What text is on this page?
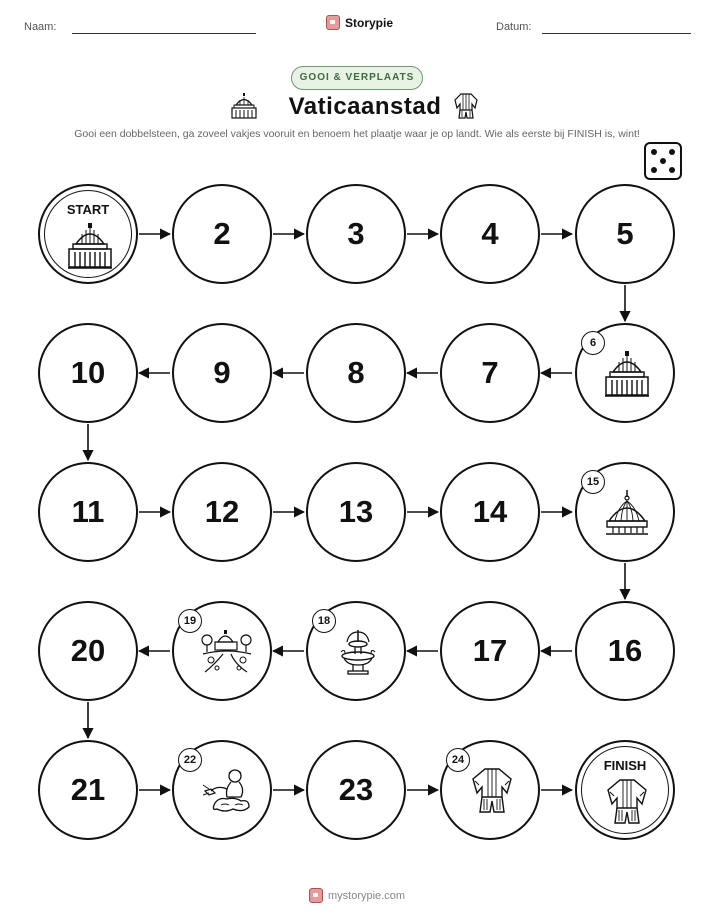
Naam:	Storypie	Datum:
GOOI & VERPLAATS
Vaticaanstad
Gooi een dobbelsteen, ga zoveel vakjes vooruit en benoem het plaatje waar je op landt. Wie als eerste bij FINISH is, wint!
START
2	3	4	5
6
7
8
9
10
11	12	13	14
15
16
17
18
19
20
21
22
23
24	FINISH
mystorypie.com
